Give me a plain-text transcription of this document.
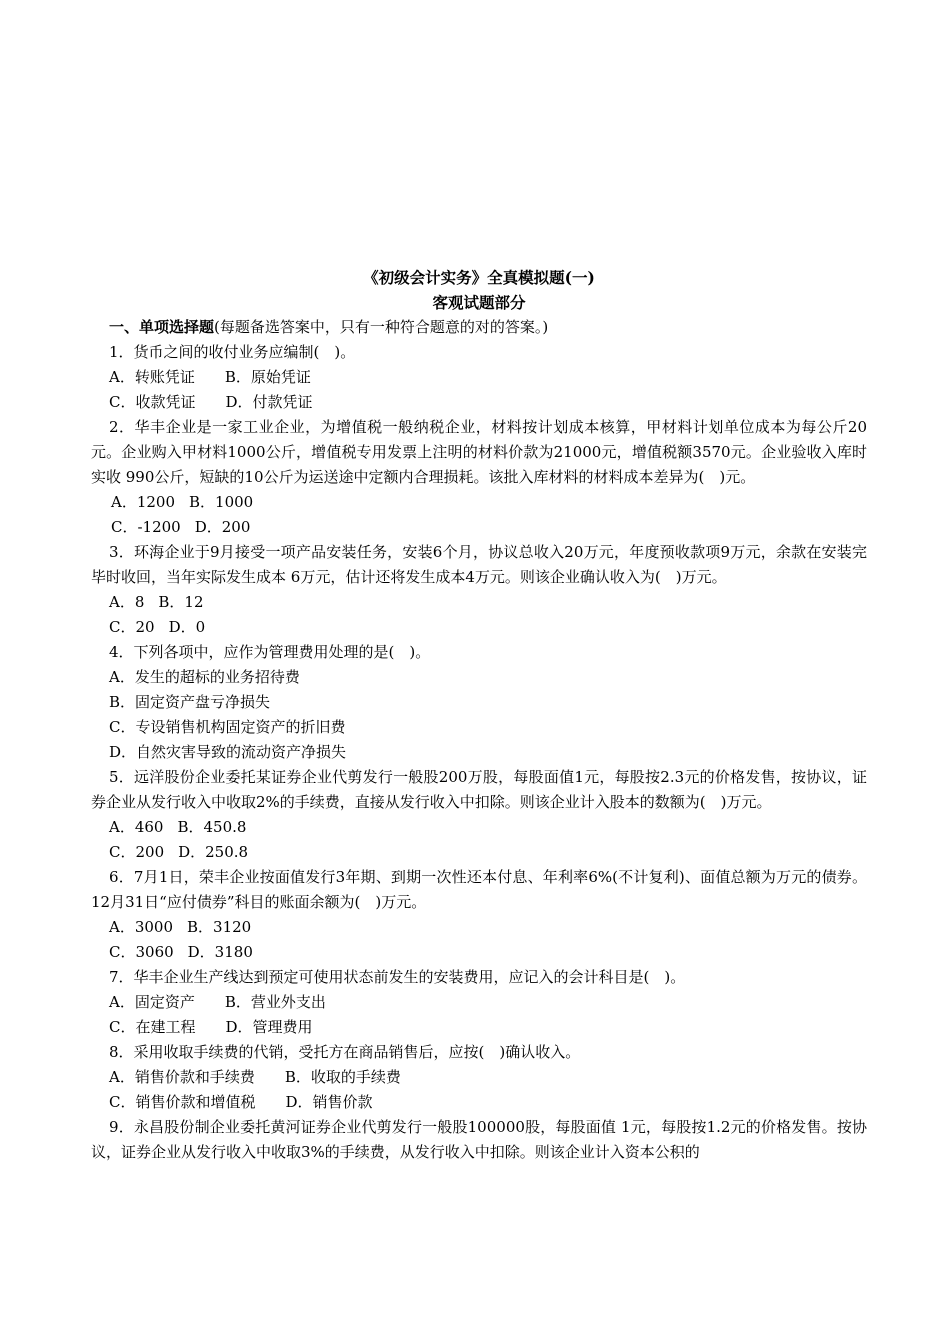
《初级会计实务》全真模拟题(一)
客观试题部分
一、单项选择题(每题备选答案中，只有一种符合题意的对的答案。)
1．货币之间的收付业务应编制(　)。
A．转账凭证 B．原始凭证
C．收款凭证 D．付款凭证
2．华丰企业是一家工业企业，为增值税一般纳税企业，材料按计划成本核算，甲材料计划单位成本为每公斤20元。企业购入甲材料1000公斤，增值税专用发票上注明的材料价款为21000元，增值税额3570元。企业验收入库时实收 990公斤，短缺的10公斤为运送途中定额内合理损耗。该批入库材料的材料成本差异为(　)元。
A．1200 B．1000
C．-1200 D．200
3．环海企业于9月接受一项产品安装任务，安装6个月，协议总收入20万元，年度预收款项9万元，余款在安装完毕时收回，当年实际发生成本 6万元，估计还将发生成本4万元。则该企业确认收入为(　)万元。
A．8 B．12
C．20 D．0
4．下列各项中，应作为管理费用处理的是(　)。
A．发生的超标的业务招待费
B．固定资产盘亏净损失
C．专设销售机构固定资产的折旧费
D．自然灾害导致的流动资产净损失
5．远洋股份企业委托某证券企业代剪发行一般股200万股，每股面值1元，每股按2.3元的价格发售，按协议，证券企业从发行收入中收取2%的手续费，直接从发行收入中扣除。则该企业计入股本的数额为(　)万元。
A．460 B．450.8
C．200 D．250.8
6．7月1日，荣丰企业按面值发行3年期、到期一次性还本付息、年利率6%(不计复利)、面值总额为万元的债券。12月31日“应付债券”科目的账面余额为(　)万元。
A．3000 B．3120
C．3060 D．3180
7．华丰企业生产线达到预定可使用状态前发生的安装费用，应记入的会计科目是(　)。
A．固定资产 B．营业外支出
C．在建工程 D．管理费用
8．采用收取手续费的代销，受托方在商品销售后，应按(　)确认收入。
A．销售价款和手续费 B．收取的手续费
C．销售价款和增值税 D．销售价款
9．永昌股份制企业委托黄河证券企业代剪发行一般股100000股，每股面值 1元，每股按1.2元的价格发售。按协议，证券企业从发行收入中收取3%的手续费，从发行收入中扣除。则该企业计入资本公积的
